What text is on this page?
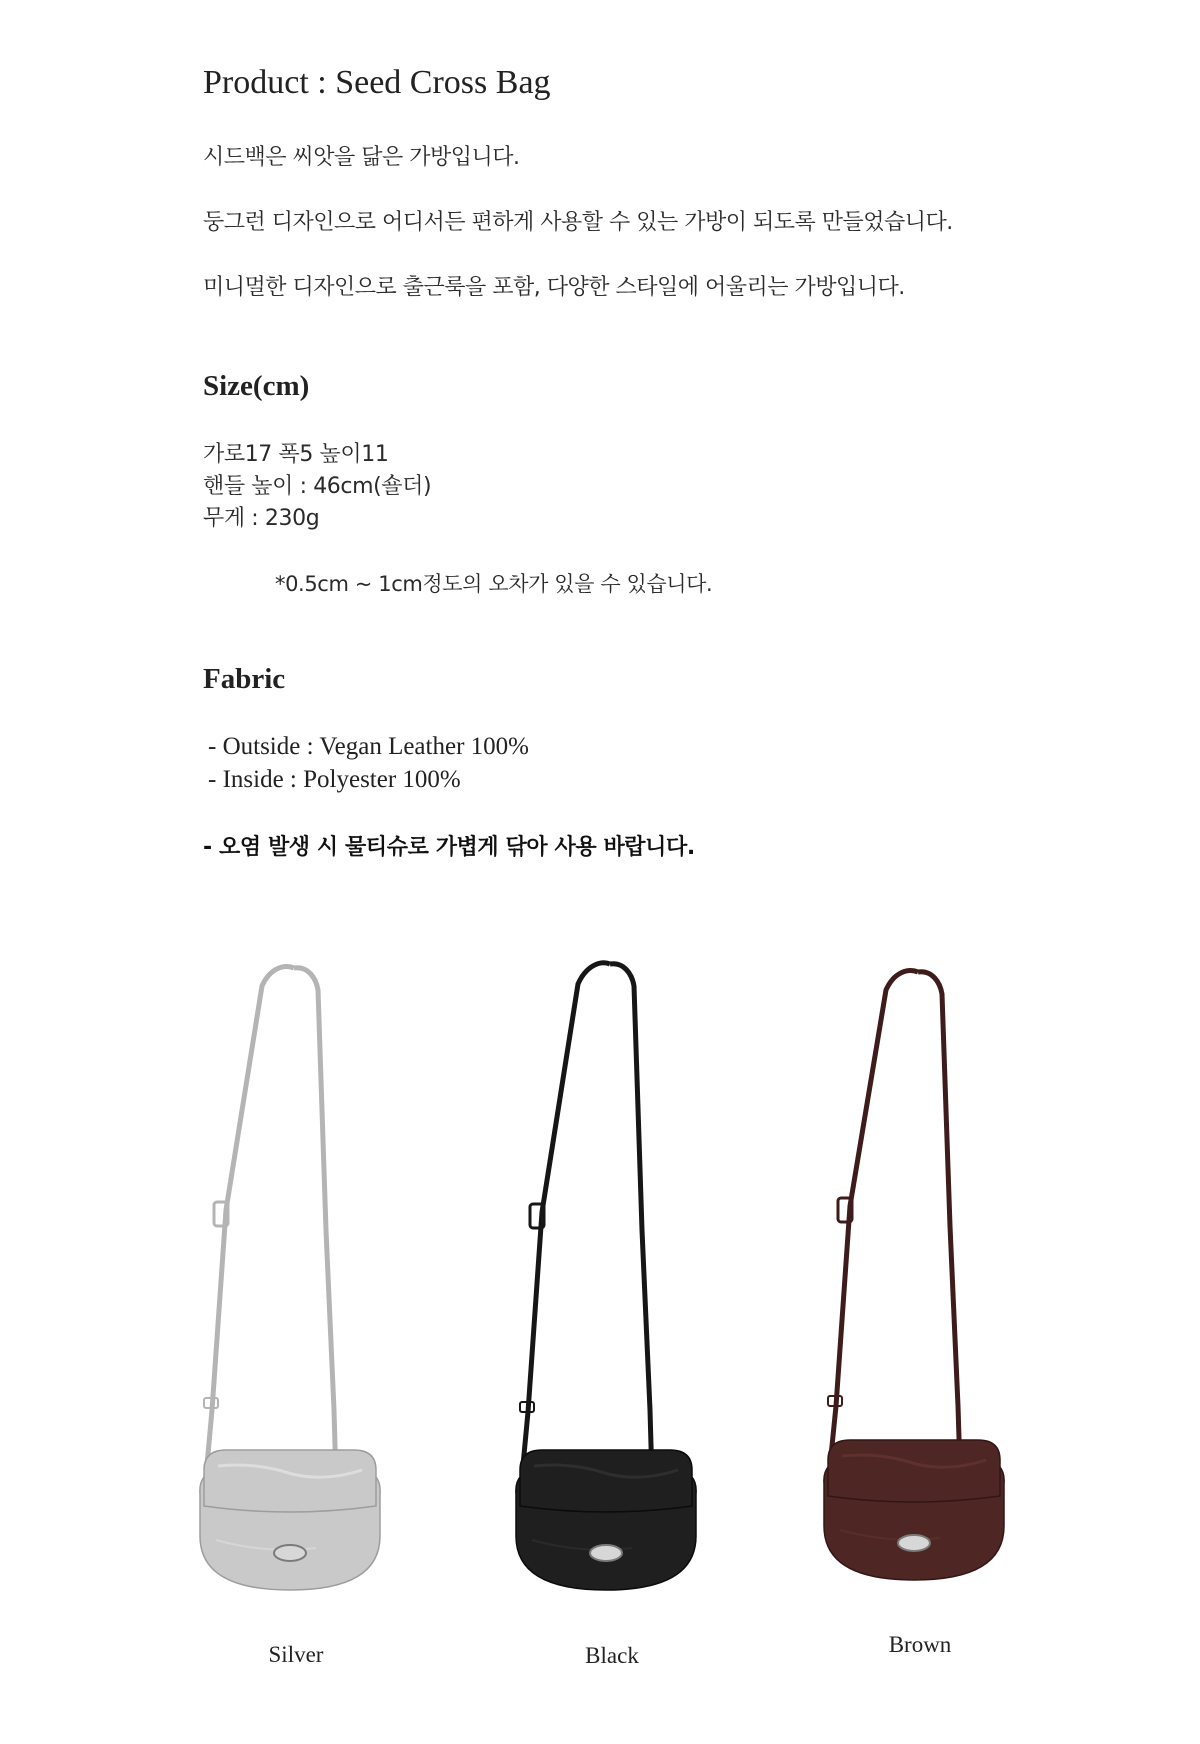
Product : Seed Cross Bag

시드백은 씨앗을 닮은 가방입니다.

둥그런 디자인으로 어디서든 편하게 사용할 수 있는 가방이 되도록 만들었습니다.

미니멀한 디자인으로 출근룩을 포함, 다양한 스타일에 어울리는 가방입니다.

Size(cm)

가로17 폭5 높이11

핸들 높이 : 46cm(숄더)

무게 : 230g

*0.5cm ~ 1cm정도의 오차가 있을 수 있습니다.

Fabric

- Outside : Vegan Leather 100%

- Inside : Polyester 100%

- 오염 발생 시 물티슈로 가볍게 닦아 사용 바랍니다.

Silver	Black	Brown
